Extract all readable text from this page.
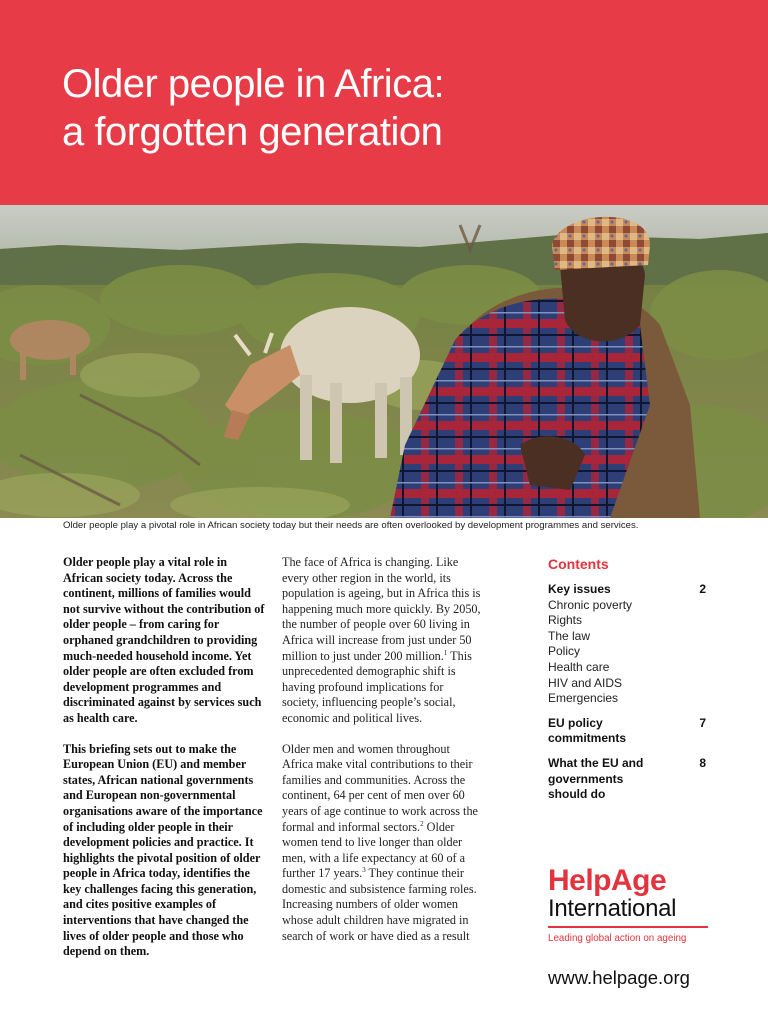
Older people in Africa:
a forgotten generation
Older people play a pivotal role in African society today but their needs are often overlooked by development programmes and services.

Older people play a vital role in African society today. Across the continent, millions of families would not survive without the contribution of older people – from caring for orphaned grandchildren to providing much-needed household income. Yet older people are often excluded from development programmes and discriminated against by services such as health care.

This briefing sets out to make the European Union (EU) and member states, African national governments and European non-governmental organisations aware of the importance of including older people in their development policies and practice. It highlights the pivotal position of older people in Africa today, identifies the key challenges facing this generation, and cites positive examples of interventions that have changed the lives of older people and those who depend on them.

The face of Africa is changing. Like every other region in the world, its population is ageing, but in Africa this is happening much more quickly. By 2050, the number of people over 60 living in Africa will increase from just under 50 million to just under 200 million.$^1$ This unprecedented demographic shift is having profound implications for society, influencing people’s social, economic and political lives.

Older men and women throughout Africa make vital contributions to their families and communities. Across the continent, 64 per cent of men over 60 years of age continue to work across the formal and informal sectors.$^2$ Older women tend to live longer than older men, with a life expectancy at 60 of a further 17 years.$^3$ They continue their domestic and subsistence farming roles. Increasing numbers of older women whose adult children have migrated in search of work or have died as a result

Contents
Key issues	2
Chronic poverty
Rights
The law
Policy
Health care
HIV and AIDS
Emergencies
EU policy
commitments
7
What the EU and
governments
should do
8
HelpAge
International
Leading global action on ageing
www.helpage.org
